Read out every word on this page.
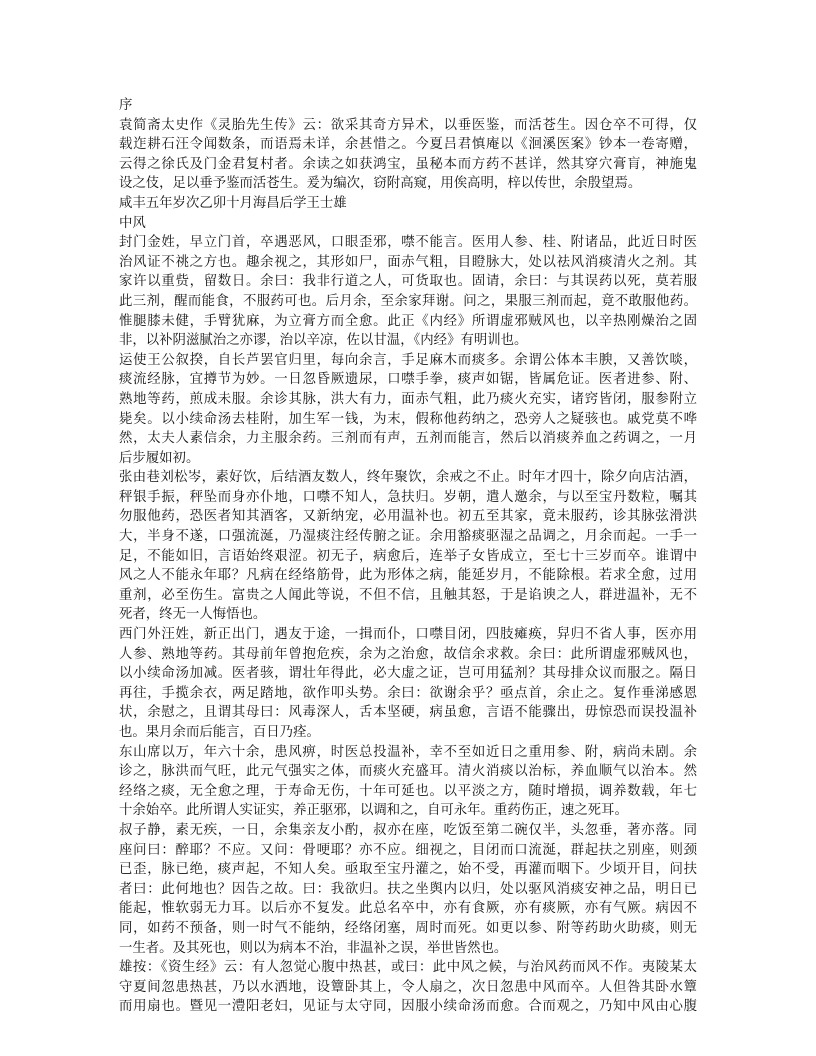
序
袁简斋太史作《灵胎先生传》云：欲采其奇方异术，以垂医鉴，而活苍生。因仓卒不可得，仅
载迮耕石汪令闻数条，而语焉未详，余甚惜之。今夏吕君慎庵以《洄溪医案》钞本一卷寄赠，
云得之徐氏及门金君复村者。余读之如获鸿宝，虽秘本而方药不甚详，然其穿穴膏肓，神施鬼
设之伎，足以垂予鉴而活苍生。爰为编次，窃附高窥，用俟高明，梓以传世，余殷望焉。
咸丰五年岁次乙卯十月海昌后学王士雄
中风
封门金姓，早立门首，卒遇恶风，口眼歪邪，噤不能言。医用人参、桂、附诸品，此近日时医
治风证不祧之方也。趣余视之，其形如尸，面赤气粗，目瞪脉大，处以祛风消痰清火之剂。其
家许以重赀，留数日。余曰：我非行道之人，可货取也。固请，余曰：与其误药以死，莫若服
此三剂，醒而能食，不服药可也。后月余，至余家拜谢。问之，果服三剂而起，竟不敢服他药。
惟腿膝未健，手臂犹麻，为立膏方而全愈。此正《内经》所谓虚邪贼风也，以辛热刚燥治之固
非，以补阴滋腻治之亦谬，治以辛凉，佐以甘温，《内经》有明训也。
运使王公叙揆，自长芦罢官归里，每向余言，手足麻木而痰多。余谓公体本丰腴，又善饮啖，
痰流经脉，宜撙节为妙。一日忽昏厥遗尿，口噤手拳，痰声如锯，皆属危证。医者进参、附、
熟地等药，煎成未服。余诊其脉，洪大有力，面赤气粗，此乃痰火充实，诸窍皆闭，服参附立
毙矣。以小续命汤去桂附，加生军一钱，为末，假称他药纳之，恐旁人之疑骇也。戚党莫不哗
然，太夫人素信余，力主服余药。三剂而有声，五剂而能言，然后以消痰养血之药调之，一月
后步履如初。
张由巷刘松岑，素好饮，后结酒友数人，终年聚饮，余戒之不止。时年才四十，除夕向店沽酒，
秤银手振，秤坠而身亦仆地，口噤不知人，急扶归。岁朝，遣人邀余，与以至宝丹数粒，嘱其
勿服他药，恐医者知其酒客，又新纳宠，必用温补也。初五至其家，竟未服药，诊其脉弦滑洪
大，半身不遂，口强流涎，乃湿痰注经传腑之证。余用豁痰驱湿之品调之，月余而起。一手一
足，不能如旧，言语始终艰涩。初无子，病愈后，连举子女皆成立，至七十三岁而卒。谁谓中
风之人不能永年耶？凡病在经络筋骨，此为形体之病，能延岁月，不能除根。若求全愈，过用
重剂，必至伤生。富贵之人闻此等说，不但不信，且触其怒，于是谄谀之人，群进温补，无不
死者，终无一人悔悟也。
西门外汪姓，新正出门，遇友于途，一揖而仆，口噤目闭，四肢瘫痪，舁归不省人事，医亦用
人参、熟地等药。其母前年曾抱危疾，余为之治愈，故信余求救。余曰：此所谓虚邪贼风也，
以小续命汤加减。医者骇，谓壮年得此，必大虚之证，岂可用猛剂？其母排众议而服之。隔日
再往，手揽余衣，两足踏地，欲作叩头势。余曰：欲谢余乎？亟点首，余止之。复作垂涕感恩
状，余慰之，且谓其母曰：风毒深人，舌本坚硬，病虽愈，言语不能骤出，毋惊恐而误投温补
也。果月余而后能言，百日乃痊。
东山席以万，年六十余，患风痹，时医总投温补，幸不至如近日之重用参、附，病尚未剧。余
诊之，脉洪而气旺，此元气强实之体，而痰火充盛耳。清火消痰以治标，养血顺气以治本。然
经络之痰，无全愈之理，于寿命无伤，十年可延也。以平淡之方，随时增损，调养数载，年七
十余始卒。此所谓人实证实，养正驱邪，以调和之，自可永年。重药伤正，速之死耳。
叔子静，素无疾，一日，余集亲友小酌，叔亦在座，吃饭至第二碗仅半，头忽垂，著亦落。同
座问曰：醉耶？不应。又问：骨哽耶？亦不应。细视之，目闭而口流涎，群起扶之别座，则颈
已歪，脉已绝，痰声起，不知人矣。亟取至宝丹灌之，始不受，再灌而咽下。少顷开目，问扶
者曰：此何地也？因告之故。曰：我欲归。扶之坐舆内以归，处以驱风消痰安神之品，明日已
能起，惟软弱无力耳。以后亦不复发。此总名卒中，亦有食厥，亦有痰厥，亦有气厥。病因不
同，如药不预备，则一时气不能纳，经络闭塞，周时而死。如更以参、附等药助火助痰，则无
一生者。及其死也，则以为病本不治，非温补之误，举世皆然也。
雄按：《资生经》云：有人忽觉心腹中热甚，或曰：此中风之候，与治风药而风不作。夷陵某太
守夏间忽患热甚，乃以水洒地，设簟卧其上，令人扇之，次日忽患中风而卒。人但咎其卧水簟
而用扇也。暨见一澧阳老妇，见证与太守同，因服小续命汤而愈。合而观之，乃知中风由心腹
